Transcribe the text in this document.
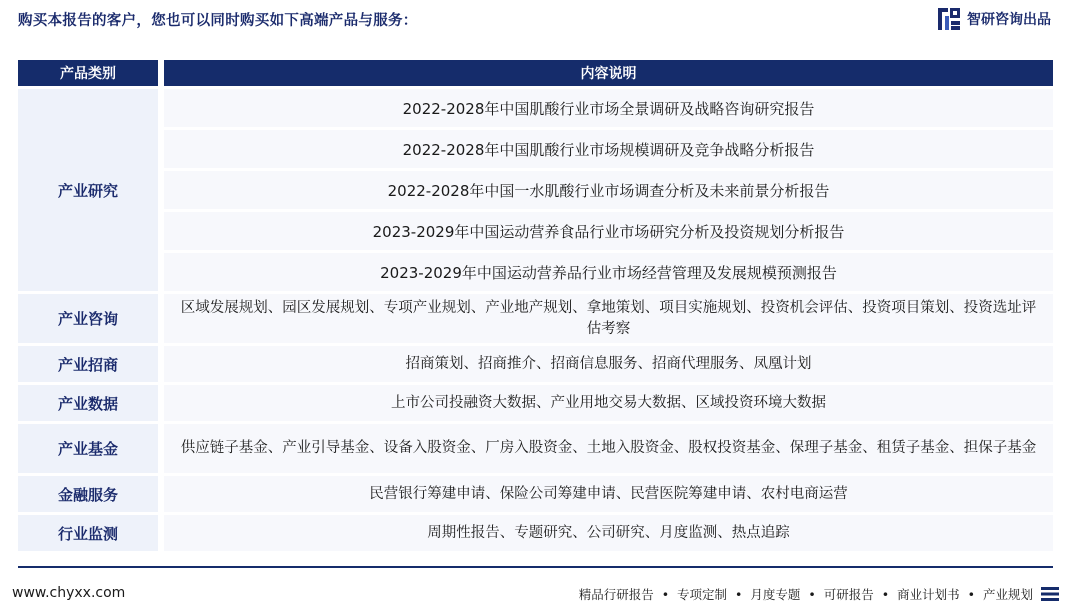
购买本报告的客户，您也可以同时购买如下高端产品与服务：	智研咨询出品
产品类别		内容说明
产业研究		2022-2028年中国肌酸行业市场全景调研及战略咨询研究报告
2022-2028年中国肌酸行业市场规模调研及竞争战略分析报告
2022-2028年中国一水肌酸行业市场调查分析及未来前景分析报告
2023-2029年中国运动营养食品行业市场研究分析及投资规划分析报告
2023-2029年中国运动营养品行业市场经营管理及发展规模预测报告

产业咨询		区域发展规划、园区发展规划、专项产业规划、产业地产规划、拿地策划、项目实施规划、投资机会评估、投资项目策划、投资选址评估考察
产业招商		招商策划、招商推介、招商信息服务、招商代理服务、凤凰计划
产业数据		上市公司投融资大数据、产业用地交易大数据、区域投资环境大数据
产业基金		供应链子基金、产业引导基金、设备入股资金、厂房入股资金、土地入股资金、股权投资基金、保理子基金、租赁子基金、担保子基金
金融服务		民营银行筹建申请、保险公司筹建申请、民营医院筹建申请、农村电商运营
行业监测		周期性报告、专题研究、公司研究、月度监测、热点追踪
www.chyxx.com	精品行研报告 • 专项定制 • 月度专题 • 可研报告 • 商业计划书 • 产业规划
